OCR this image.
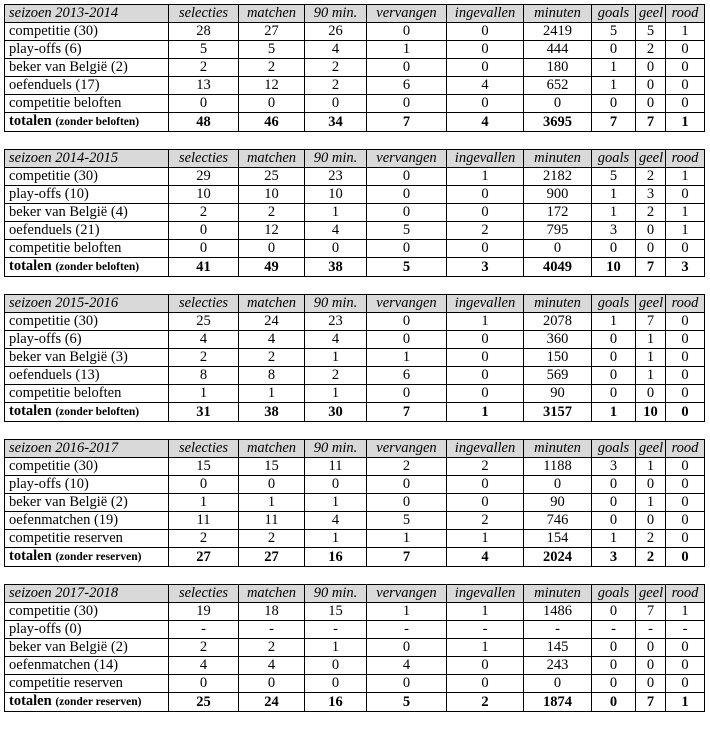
seizoen 2013-2014	selecties	matchen	90 min.	vervangen	ingevallen	minuten	goals	geel	rood
competitie (30)	28	27	26	0	0	2419	5	5	1
play-offs (6)	5	5	4	1	0	444	0	2	0
beker van België (2)	2	2	2	0	0	180	1	0	0
oefenduels (17)	13	12	2	6	4	652	1	0	0
competitie beloften	0	0	0	0	0	0	0	0	0
totalen (zonder beloften)	48	46	34	7	4	3695	7	7	1
seizoen 2014-2015	selecties	matchen	90 min.	vervangen	ingevallen	minuten	goals	geel	rood
competitie (30)	29	25	23	0	1	2182	5	2	1
play-offs (10)	10	10	10	0	0	900	1	3	0
beker van België (4)	2	2	1	0	0	172	1	2	1
oefenduels (21)	0	12	4	5	2	795	3	0	1
competitie beloften	0	0	0	0	0	0	0	0	0
totalen (zonder beloften)	41	49	38	5	3	4049	10	7	3
seizoen 2015-2016	selecties	matchen	90 min.	vervangen	ingevallen	minuten	goals	geel	rood
competitie (30)	25	24	23	0	1	2078	1	7	0
play-offs (6)	4	4	4	0	0	360	0	1	0
beker van België (3)	2	2	1	1	0	150	0	1	0
oefenduels (13)	8	8	2	6	0	569	0	1	0
competitie beloften	1	1	1	0	0	90	0	0	0
totalen (zonder beloften)	31	38	30	7	1	3157	1	10	0
seizoen 2016-2017	selecties	matchen	90 min.	vervangen	ingevallen	minuten	goals	geel	rood
competitie (30)	15	15	11	2	2	1188	3	1	0
play-offs (10)	0	0	0	0	0	0	0	0	0
beker van België (2)	1	1	1	0	0	90	0	1	0
oefenmatchen (19)	11	11	4	5	2	746	0	0	0
competitie reserven	2	2	1	1	1	154	1	2	0
totalen (zonder reserven)	27	27	16	7	4	2024	3	2	0
seizoen 2017-2018	selecties	matchen	90 min.	vervangen	ingevallen	minuten	goals	geel	rood
competitie (30)	19	18	15	1	1	1486	0	7	1
play-offs (0)	-	-	-	-	-	-	-	-	-
beker van België (2)	2	2	1	0	1	145	0	0	0
oefenmatchen (14)	4	4	0	4	0	243	0	0	0
competitie reserven	0	0	0	0	0	0	0	0	0
totalen (zonder reserven)	25	24	16	5	2	1874	0	7	1
